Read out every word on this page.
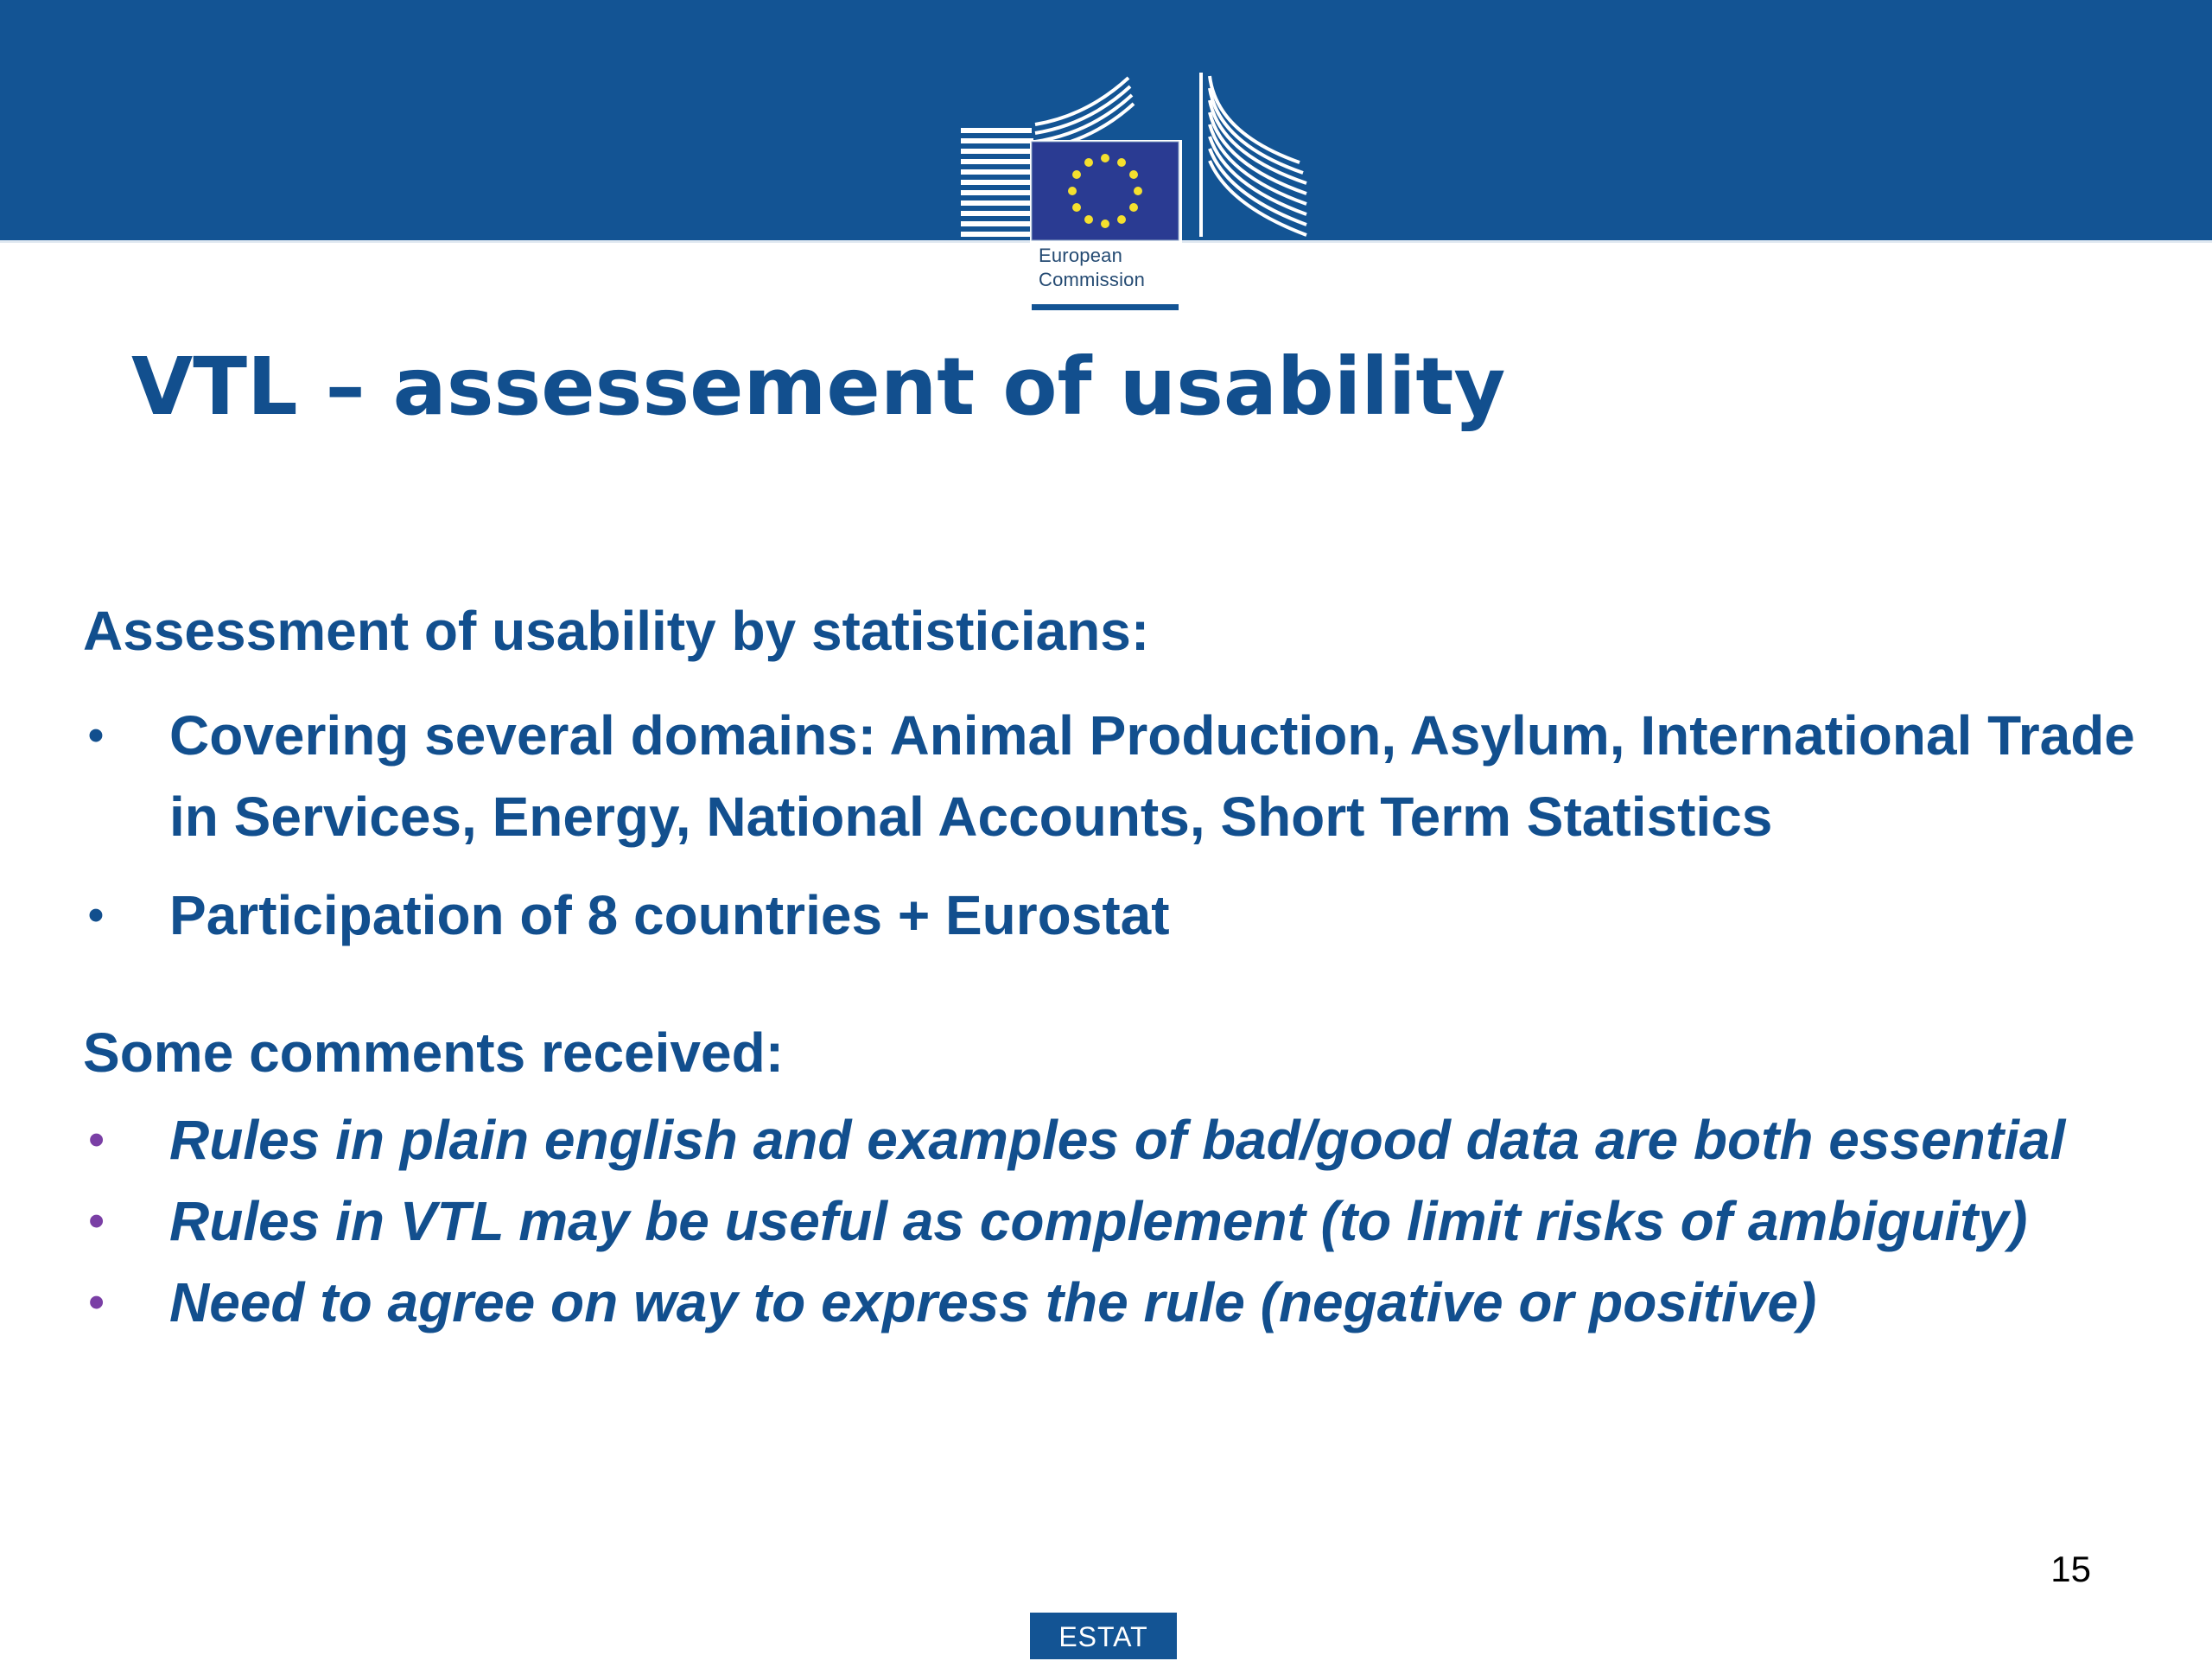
European
Commission
VTL – assessement of usability
Assessment of usability by statisticians:
• Covering several domains: Animal Production, Asylum, International Trade in Services, Energy, National Accounts, Short Term Statistics
• Participation of 8 countries + Eurostat
Some comments received:
• Rules in plain english and examples of bad/good data are both essential
• Rules in VTL may be useful as complement (to limit risks of ambiguity)
• Need to agree on way to express the rule (negative or positive)
15
ESTAT
